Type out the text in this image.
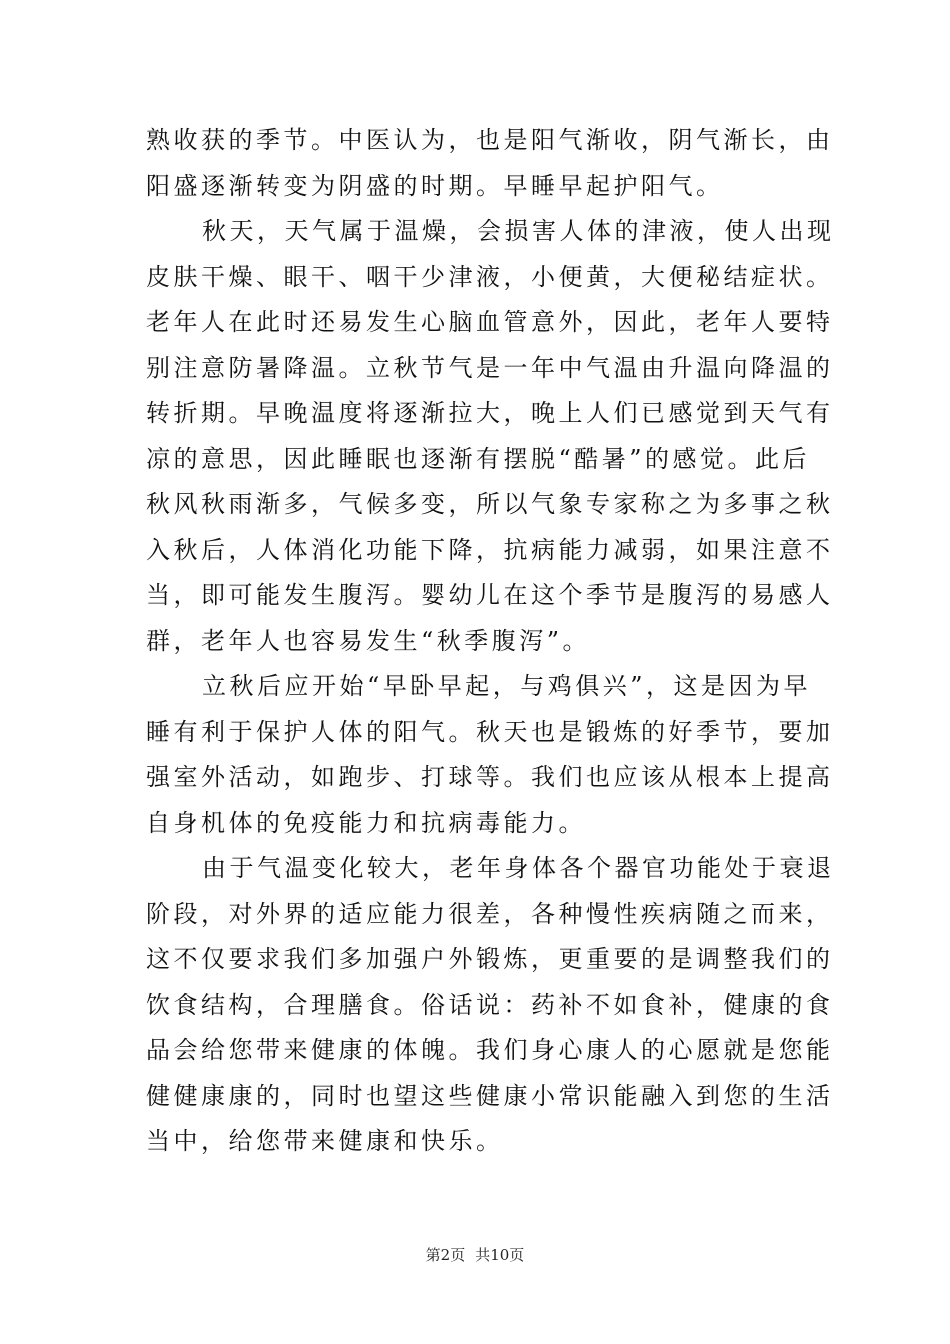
熟收获的季节。中医认为，也是阳气渐收，阴气渐长，由
阳盛逐渐转变为阴盛的时期。早睡早起护阳气。
秋天，天气属于温燥，会损害人体的津液，使人出现
皮肤干燥、眼干、咽干少津液，小便黄，大便秘结症状。
老年人在此时还易发生心脑血管意外，因此，老年人要特
别注意防暑降温。立秋节气是一年中气温由升温向降温的
转折期。早晚温度将逐渐拉大，晚上人们已感觉到天气有
凉的意思，因此睡眠也逐渐有摆脱“酷暑”的感觉。此后
秋风秋雨渐多，气候多变，所以气象专家称之为多事之秋
入秋后，人体消化功能下降，抗病能力减弱，如果注意不
当，即可能发生腹泻。婴幼儿在这个季节是腹泻的易感人
群，老年人也容易发生“秋季腹泻”。
立秋后应开始“早卧早起，与鸡俱兴”，这是因为早
睡有利于保护人体的阳气。秋天也是锻炼的好季节，要加
强室外活动，如跑步、打球等。我们也应该从根本上提高
自身机体的免疫能力和抗病毒能力。
由于气温变化较大，老年身体各个器官功能处于衰退
阶段，对外界的适应能力很差，各种慢性疾病随之而来，
这不仅要求我们多加强户外锻炼，更重要的是调整我们的
饮食结构，合理膳食。俗话说：药补不如食补，健康的食
品会给您带来健康的体魄。我们身心康人的心愿就是您能
健健康康的，同时也望这些健康小常识能融入到您的生活
当中，给您带来健康和快乐。
第2页 共10页
